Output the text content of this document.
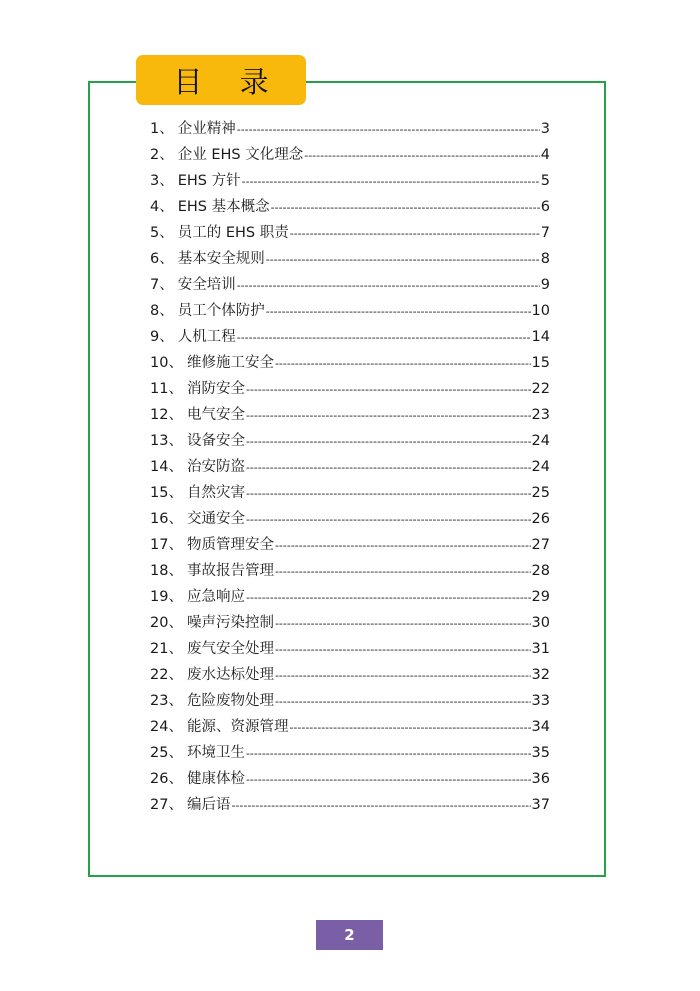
目 录
1、 企业精神 -----	3
2、 企业 EHS 文化理念 -----	4
3、 EHS 方针 -----	5
4、 EHS 基本概念 -----	6
5、 员工的 EHS 职责 -----	7
6、 基本安全规则 -----	8
7、 安全培训 -----	9
8、 员工个体防护 -----	10
9、 人机工程 -----	14
10、 维修施工安全 -----	15
11、 消防安全 -----	22
12、 电气安全 -----	23
13、 设备安全 -----	24
14、 治安防盗 -----	24
15、 自然灾害 -----	25
16、 交通安全 -----	26
17、 物质管理安全 -----	27
18、 事故报告管理 -----	28
19、 应急响应 -----	29
20、 噪声污染控制 -----	30
21、 废气安全处理 -----	31
22、 废水达标处理 -----	32
23、 危险废物处理 -----	33
24、 能源、资源管理 -----	34
25、 环境卫生 -----	35
26、 健康体检 -----	36
27、 编后语 -----	37
2
